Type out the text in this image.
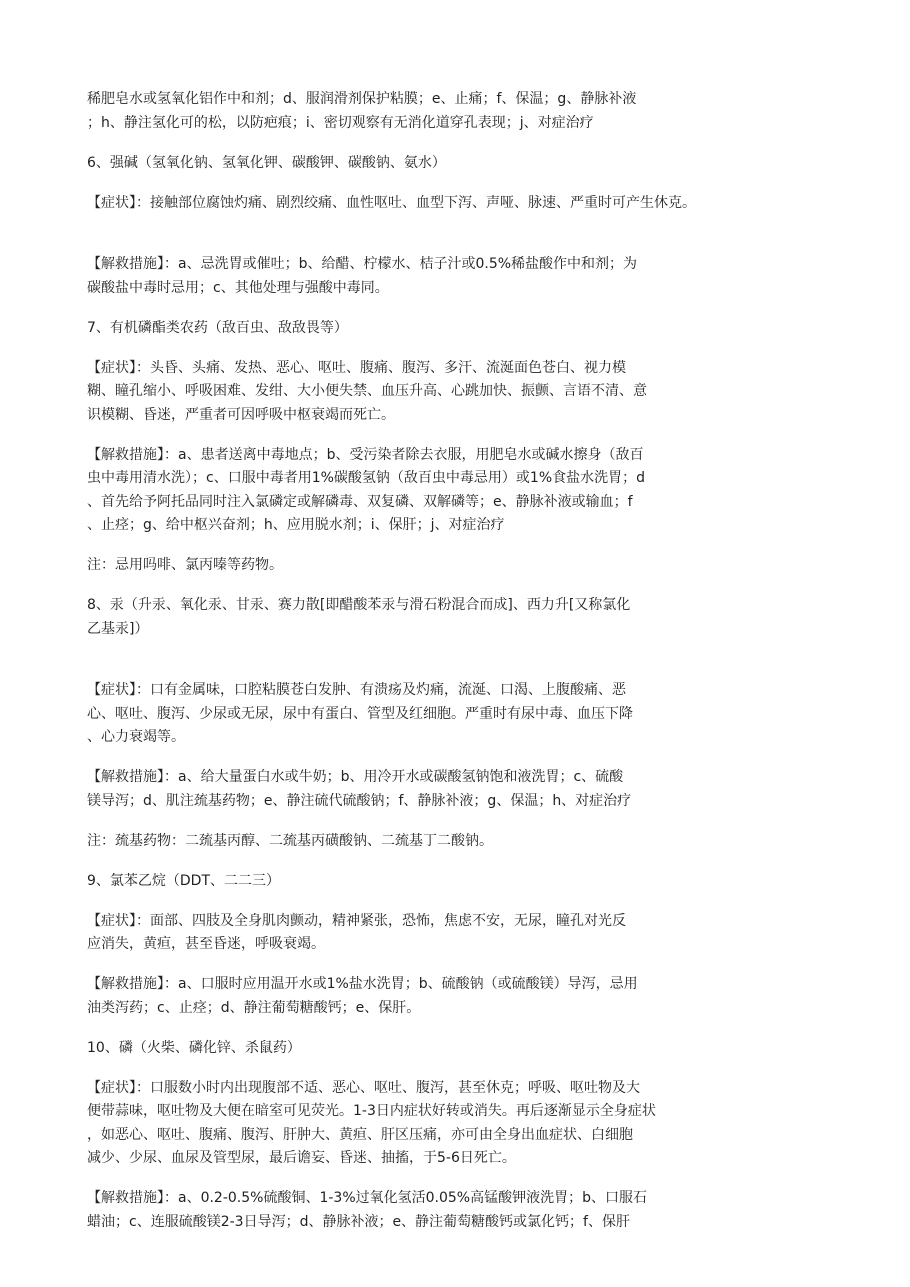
稀肥皂水或氢氧化铝作中和剂；d、服润滑剂保护粘膜；e、止痛；f、保温；g、静脉补液
；h、静注氢化可的松，以防疤痕；i、密切观察有无消化道穿孔表现；j、对症治疗

6、强碱（氢氧化钠、氢氧化钾、碳酸钾、碳酸钠、氨水）

【症状】：接触部位腐蚀灼痛、剧烈绞痛、血性呕吐、血型下泻、声哑、脉速、严重时可产生休克。

【解救措施】：a、忌洗胃或催吐；b、给醋、柠檬水、桔子汁或0.5%稀盐酸作中和剂；为
碳酸盐中毒时忌用；c、其他处理与强酸中毒同。

7、有机磷酯类农药（敌百虫、敌敌畏等）

【症状】：头昏、头痛、发热、恶心、呕吐、腹痛、腹泻、多汗、流涎面色苍白、视力模
糊、瞳孔缩小、呼吸困难、发绀、大小便失禁、血压升高、心跳加快、振颤、言语不清、意
识模糊、昏迷，严重者可因呼吸中枢衰竭而死亡。

【解救措施】：a、患者送离中毒地点；b、受污染者除去衣服，用肥皂水或碱水擦身（敌百
虫中毒用清水洗）；c、口服中毒者用1%碳酸氢钠（敌百虫中毒忌用）或1%食盐水洗胃；d
、首先给予阿托品同时注入氯磷定或解磷毒、双复磷、双解磷等；e、静脉补液或输血；f
、止痉；g、给中枢兴奋剂；h、应用脱水剂；i、保肝；j、对症治疗

注：忌用吗啡、氯丙嗪等药物。

8、汞（升汞、氧化汞、甘汞、赛力散[即醋酸苯汞与滑石粉混合而成]、西力升[又称氯化
乙基汞]）

【症状】：口有金属味，口腔粘膜苍白发肿、有溃疡及灼痛，流涎、口渴、上腹酸痛、恶
心、呕吐、腹泻、少尿或无尿，尿中有蛋白、管型及红细胞。严重时有尿中毒、血压下降
、心力衰竭等。

【解救措施】：a、给大量蛋白水或牛奶；b、用冷开水或碳酸氢钠饱和液洗胃；c、硫酸
镁导泻；d、肌注巯基药物；e、静注硫代硫酸钠；f、静脉补液；g、保温；h、对症治疗

注：巯基药物：二巯基丙醇、二巯基丙磺酸钠、二巯基丁二酸钠。

9、氯苯乙烷（DDT、二二三）

【症状】：面部、四肢及全身肌肉颤动，精神紧张，恐怖，焦虑不安，无尿，瞳孔对光反
应消失，黄疸，甚至昏迷，呼吸衰竭。

【解救措施】：a、口服时应用温开水或1%盐水洗胃；b、硫酸钠（或硫酸镁）导泻，忌用
油类泻药；c、止痉；d、静注葡萄糖酸钙；e、保肝。

10、磷（火柴、磷化锌、杀鼠药）

【症状】：口服数小时内出现腹部不适、恶心、呕吐、腹泻，甚至休克；呼吸、呕吐物及大
便带蒜味，呕吐物及大便在暗室可见荧光。1-3日内症状好转或消失。再后逐渐显示全身症状
，如恶心、呕吐、腹痛、腹泻、肝肿大、黄疸、肝区压痛，亦可由全身出血症状、白细胞
减少、少尿、血尿及管型尿，最后谵妄、昏迷、抽搐，于5-6日死亡。

【解救措施】：a、0.2-0.5%硫酸铜、1-3%过氧化氢活0.05%高锰酸钾液洗胃；b、口服石
蜡油；c、连服硫酸镁2-3日导泻；d、静脉补液；e、静注葡萄糖酸钙或氯化钙；f、保肝
